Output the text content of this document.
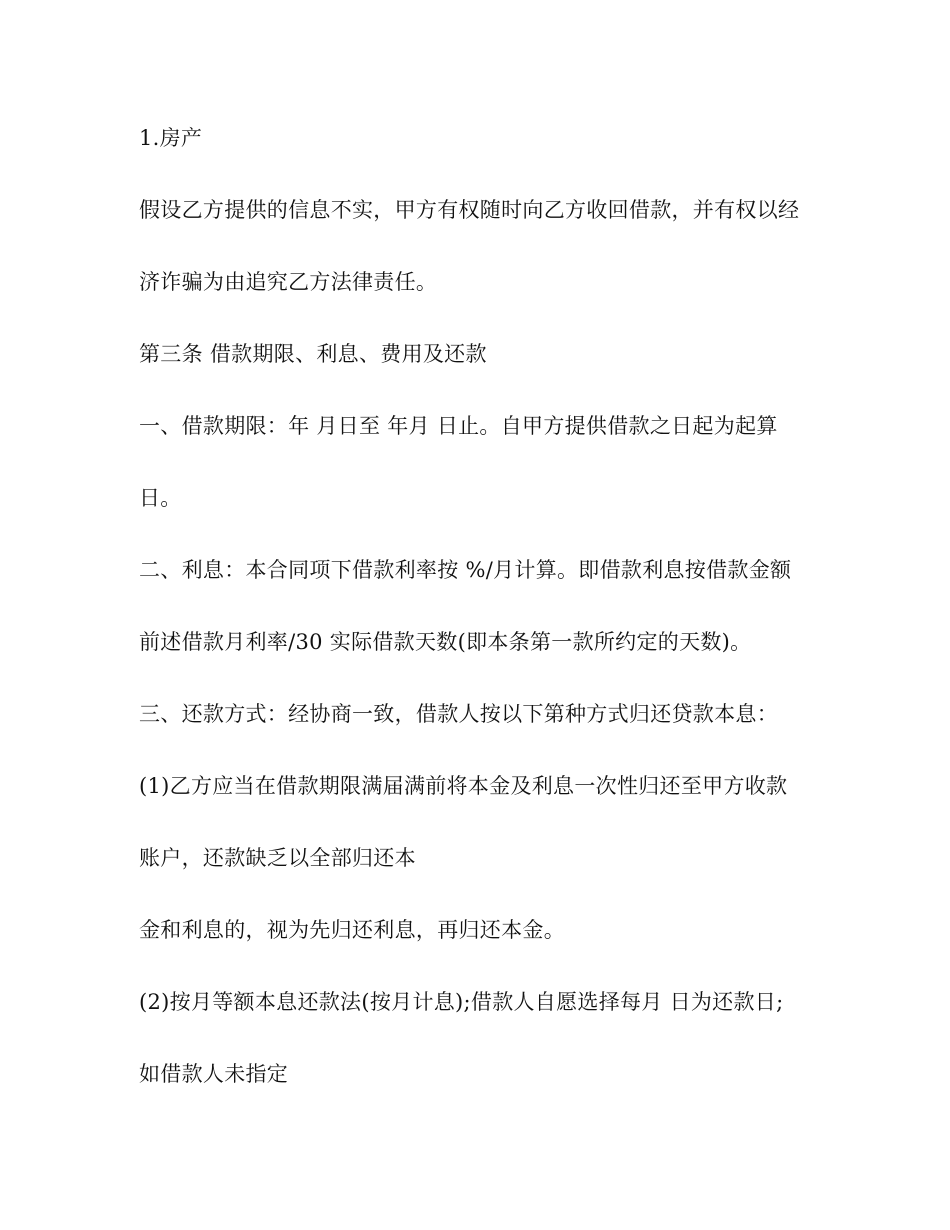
1.房产

假设乙方提供的信息不实，甲方有权随时向乙方收回借款，并有权以经

济诈骗为由追究乙方法律责任。

第三条 借款期限、利息、费用及还款

一、借款期限：年 月日至 年月 日止。自甲方提供借款之日起为起算

日。

二、利息：本合同项下借款利率按 %/月计算。即借款利息按借款金额

前述借款月利率/30 实际借款天数(即本条第一款所约定的天数)。

三、还款方式：经协商一致，借款人按以下第种方式归还贷款本息：

(1)乙方应当在借款期限满届满前将本金及利息一次性归还至甲方收款

账户，还款缺乏以全部归还本

金和利息的，视为先归还利息，再归还本金。

(2)按月等额本息还款法(按月计息);借款人自愿选择每月 日为还款日;

如借款人未指定
